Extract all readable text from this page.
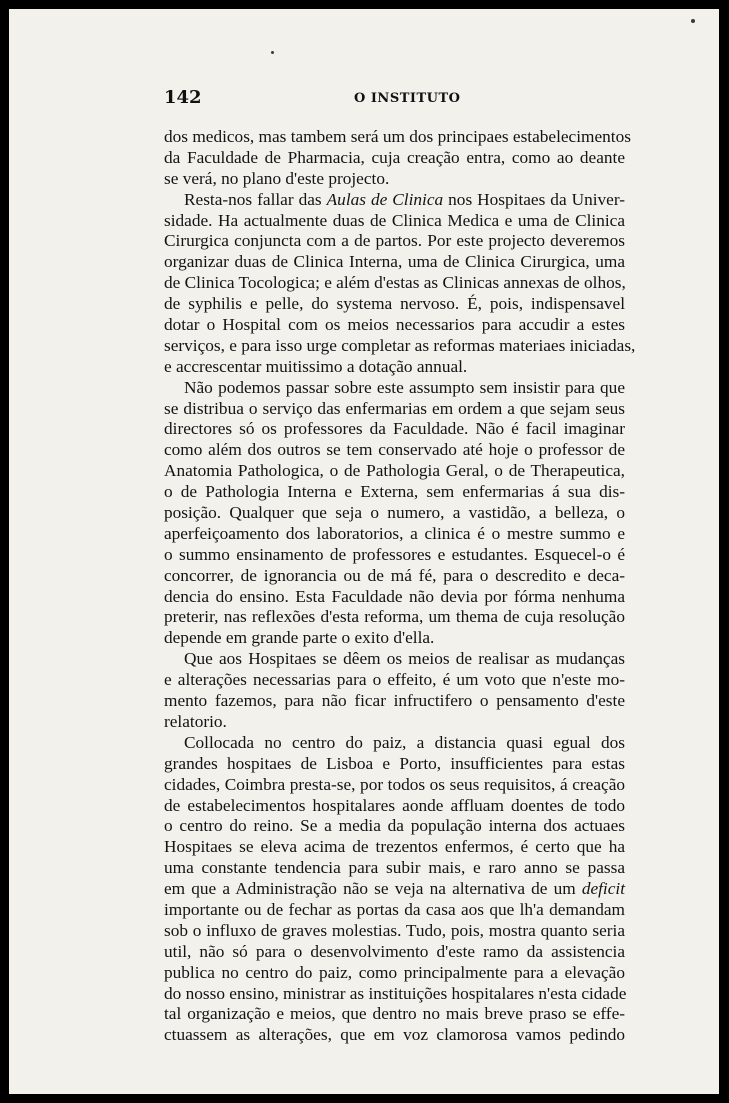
142	O INSTITUTO
dos medicos, mas tambem será um dos principaes estabelecimentos
da Faculdade de Pharmacia, cuja creação entra, como ao deante
se verá, no plano d'este projecto.
Resta-nos fallar das Aulas de Clinica nos Hospitaes da Univer-
sidade. Ha actualmente duas de Clinica Medica e uma de Clinica
Cirurgica conjuncta com a de partos. Por este projecto deveremos
organizar duas de Clinica Interna, uma de Clinica Cirurgica, uma
de Clinica Tocologica; e além d'estas as Clinicas annexas de olhos,
de syphilis e pelle, do systema nervoso. É, pois, indispensavel
dotar o Hospital com os meios necessarios para accudir a estes
serviços, e para isso urge completar as reformas materiaes iniciadas,
e accrescentar muitissimo a dotação annual.
Não podemos passar sobre este assumpto sem insistir para que
se distribua o serviço das enfermarias em ordem a que sejam seus
directores só os professores da Faculdade. Não é facil imaginar
como além dos outros se tem conservado até hoje o professor de
Anatomia Pathologica, o de Pathologia Geral, o de Therapeutica,
o de Pathologia Interna e Externa, sem enfermarias á sua dis-
posição. Qualquer que seja o numero, a vastidão, a belleza, o
aperfeiçoamento dos laboratorios, a clinica é o mestre summo e
o summo ensinamento de professores e estudantes. Esquecel-o é
concorrer, de ignorancia ou de má fé, para o descredito e deca-
dencia do ensino. Esta Faculdade não devia por fórma nenhuma
preterir, nas reflexões d'esta reforma, um thema de cuja resolução
depende em grande parte o exito d'ella.
Que aos Hospitaes se dêem os meios de realisar as mudanças
e alterações necessarias para o effeito, é um voto que n'este mo-
mento fazemos, para não ficar infructifero o pensamento d'este
relatorio.
Collocada no centro do paiz, a distancia quasi egual dos
grandes hospitaes de Lisboa e Porto, insufficientes para estas
cidades, Coimbra presta-se, por todos os seus requisitos, á creação
de estabelecimentos hospitalares aonde affluam doentes de todo
o centro do reino. Se a media da população interna dos actuaes
Hospitaes se eleva acima de trezentos enfermos, é certo que ha
uma constante tendencia para subir mais, e raro anno se passa
em que a Administração não se veja na alternativa de um deficit
importante ou de fechar as portas da casa aos que lh'a demandam
sob o influxo de graves molestias. Tudo, pois, mostra quanto seria
util, não só para o desenvolvimento d'este ramo da assistencia
publica no centro do paiz, como principalmente para a elevação
do nosso ensino, ministrar as instituições hospitalares n'esta cidade
tal organização e meios, que dentro no mais breve praso se effe-
ctuassem as alterações, que em voz clamorosa vamos pedindo
